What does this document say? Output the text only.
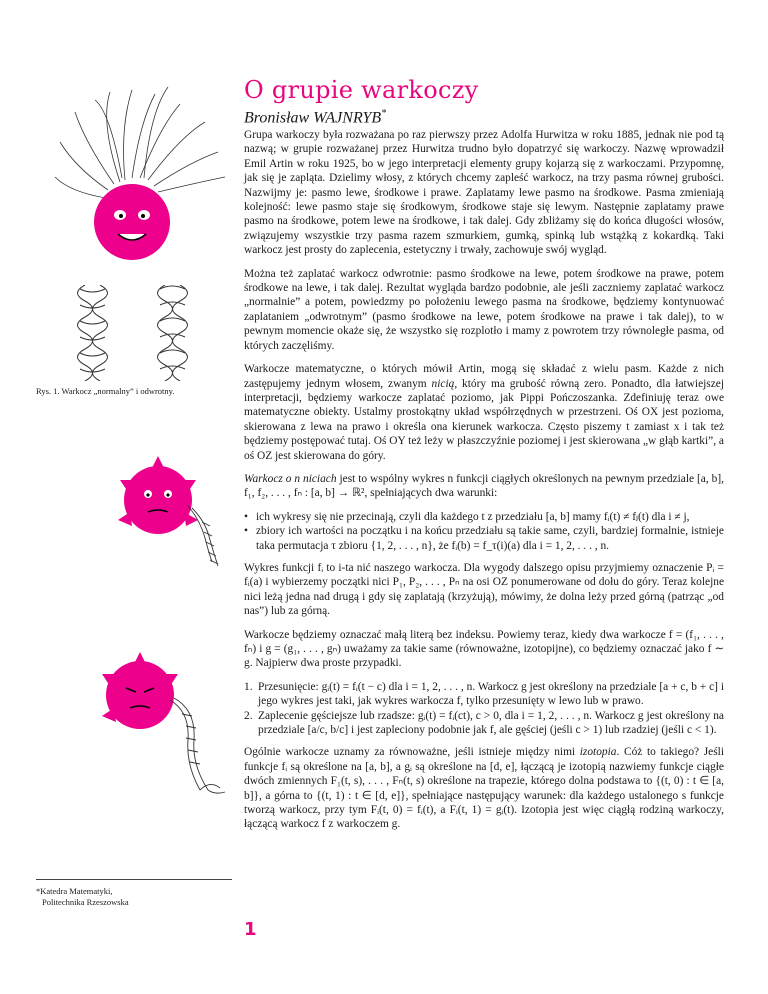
O grupie warkoczy
Bronisław WAJNRYB*
Rys. 1. Warkocz „normalny” i odwrotny.

Grupa warkoczy była rozważana po raz pierwszy przez Adolfa Hurwitza w roku 1885, jednak nie pod tą nazwą; w grupie rozważanej przez Hurwitza trudno było dopatrzyć się warkoczy. Nazwę wprowadził Emil Artin w roku 1925, bo w jego interpretacji elementy grupy kojarzą się z warkoczami. Przypomnę, jak się je zapląta. Dzielimy włosy, z których chcemy zapleść warkocz, na trzy pasma równej grubości. Nazwijmy je: pasmo lewe, środkowe i prawe. Zaplatamy lewe pasmo na środkowe. Pasma zmieniają kolejność: lewe pasmo staje się środkowym, środkowe staje się lewym. Następnie zaplatamy prawe pasmo na środkowe, potem lewe na środkowe, i tak dalej. Gdy zbliżamy się do końca długości włosów, związujemy wszystkie trzy pasma razem szmurkiem, gumką, spinką lub wstążką z kokardką. Taki warkocz jest prosty do zaplecenia, estetyczny i trwały, zachowuje swój wygląd.

Można też zaplatać warkocz odwrotnie: pasmo środkowe na lewe, potem środkowe na prawe, potem środkowe na lewe, i tak dalej. Rezultat wygląda bardzo podobnie, ale jeśli zaczniemy zaplatać warkocz „normalnie” a potem, powiedzmy po położeniu lewego pasma na środkowe, będziemy kontynuować zaplataniem „odwrotnym” (pasmo środkowe na lewe, potem środkowe na prawe i tak dalej), to w pewnym momencie okaże się, że wszystko się rozplotło i mamy z powrotem trzy równoległe pasma, od których zaczęliśmy.

Warkocze matematyczne, o których mówił Artin, mogą się składać z wielu pasm. Każde z nich zastępujemy jednym włosem, zwanym nicią, który ma grubość równą zero. Ponadto, dla łatwiejszej interpretacji, będziemy warkocze zaplatać poziomo, jak Pippi Pończoszanka. Zdefiniuję teraz owe matematyczne obiekty. Ustalmy prostokątny układ współrzędnych w przestrzeni. Oś OX jest pozioma, skierowana z lewa na prawo i określa ona kierunek warkocza. Często piszemy t zamiast x i tak też będziemy postępować tutaj. Oś OY też leży w płaszczyźnie poziomej i jest skierowana „w głąb kartki”, a oś OZ jest skierowana do góry.

Warkocz o n niciach jest to wspólny wykres n funkcji ciągłych określonych na pewnym przedziale [a, b], f₁, f₂, . . . , fₙ : [a, b] → ℝ², spełniających dwa warunki:

• ich wykresy się nie przecinają, czyli dla każdego t z przedziału [a, b] mamy fᵢ(t) ≠ fⱼ(t) dla i ≠ j,
• zbiory ich wartości na początku i na końcu przedziału są takie same, czyli, bardziej formalnie, istnieje taka permutacja τ zbioru {1, 2, . . . , n}, że fᵢ(b) = f_τ(i)(a) dla i = 1, 2, . . . , n.

Wykres funkcji fᵢ to i-ta nić naszego warkocza. Dla wygody dalszego opisu przyjmiemy oznaczenie Pᵢ = fᵢ(a) i wybierzemy początki nici P₁, P₂, . . . , Pₙ na osi OZ ponumerowane od dołu do góry. Teraz kolejne nici leżą jedna nad drugą i gdy się zaplatają (krzyżują), mówimy, że dolna leży przed górną (patrząc „od nas”) lub za górną.

Warkocze będziemy oznaczać małą literą bez indeksu. Powiemy teraz, kiedy dwa warkocze f = (f₁, . . . , fₙ) i g = (g₁, . . . , gₙ) uważamy za takie same (równoważne, izotopijne), co będziemy oznaczać jako f ∼ g. Najpierw dwa proste przypadki.

1. Przesunięcie: gᵢ(t) = fᵢ(t − c) dla i = 1, 2, . . . , n. Warkocz g jest określony na przedziale [a + c, b + c] i jego wykres jest taki, jak wykres warkocza f, tylko przesunięty w lewo lub w prawo.
2. Zaplecenie gęściejsze lub rzadsze: gᵢ(t) = fᵢ(ct), c > 0, dla i = 1, 2, . . . , n. Warkocz g jest określony na przedziale [a/c, b/c] i jest zapleciony podobnie jak f, ale gęściej (jeśli c > 1) lub rzadziej (jeśli c < 1).

Ogólnie warkocze uznamy za równoważne, jeśli istnieje między nimi izotopia. Cóż to takiego? Jeśli funkcje fᵢ są określone na [a, b], a gᵢ są określone na [d, e], łączącą je izotopią nazwiemy funkcje ciągłe dwóch zmiennych F₁(t, s), . . . , Fₙ(t, s) określone na trapezie, którego dolna podstawa to {(t, 0) : t ∈ [a, b]}, a górna to {(t, 1) : t ∈ [d, e]}, spełniające następujący warunek: dla każdego ustalonego s funkcje tworzą warkocz, przy tym Fᵢ(t, 0) = fᵢ(t), a Fᵢ(t, 1) = gᵢ(t). Izotopia jest więc ciągłą rodziną warkoczy, łączącą warkocz f z warkoczem g.

*Katedra Matematyki,
Politechnika Rzeszowska
1
